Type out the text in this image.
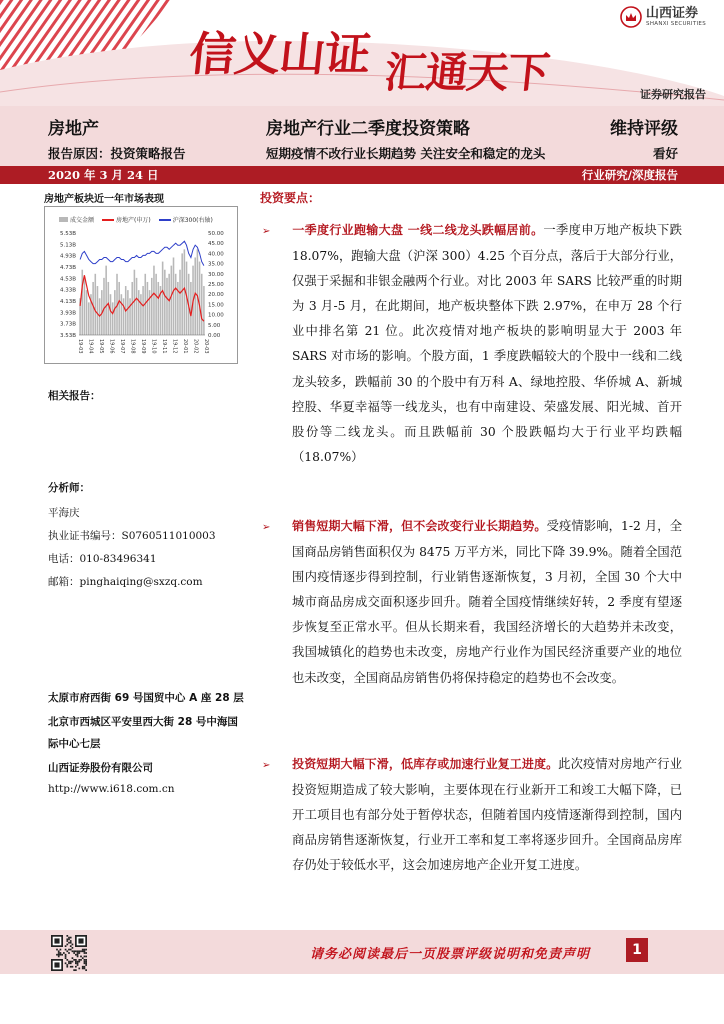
信义山证 汇通天下
山西证券
SHANXI SECURITIES
证券研究报告
房地产	房地产行业二季度投资策略	维持评级
报告原因：投资策略报告	短期疫情不改行业长期趋势 关注安全和稳定的龙头	看好
2020 年 3 月 24 日	行业研究/深度报告
房地产板块近一年市场表现
5.53B
5.13B
4.93B
4.73B
4.53B
4.33B
4.13B
3.93B
3.73B
3.53B
50.00
45.00
40.00
35.00
30.00
25.00
20.00
15.00
10.00
5.00
0.00
19-03 19-04 19-05 19-06 19-07 19-08 19-09 19-10 19-11 19-12 20-01 20-02 20-03
成交金额	房地产(申万)	沪深300(右轴)
相关报告：
分析师：
平海庆
执业证书编号：S0760511010003
电话：010-83496341
邮箱：pinghaiqing@sxzq.com
太原市府西街 69 号国贸中心 A 座 28 层
北京市西城区平安里西大街 28 号中海国
际中心七层
山西证券股份有限公司
http://www.i618.com.cn
投资要点：
➢ 一季度行业跑输大盘 一线二线龙头跌幅居前。一季度申万地产板块下跌 18.07%，跑输大盘（沪深 300）4.25 个百分点，落后于大部分行业，仅强于采掘和非银金融两个行业。对比 2003 年 SARS 比较严重的时期为 3 月-5 月，在此期间，地产板块整体下跌 2.97%，在申万 28 个行业中排名第 21 位。此次疫情对地产板块的影响明显大于 2003 年 SARS 对市场的影响。个股方面，1 季度跌幅较大的个股中一线和二线龙头较多，跌幅前 30 的个股中有万科 A、绿地控股、华侨城 A、新城控股、华夏幸福等一线龙头，也有中南建设、荣盛发展、阳光城、首开股份等二线龙头。而且跌幅前 30 个股跌幅均大于行业平均跌幅（18.07%）
➢ 销售短期大幅下滑，但不会改变行业长期趋势。受疫情影响，1-2 月，全国商品房销售面积仅为 8475 万平方米，同比下降 39.9%。随着全国范围内疫情逐步得到控制，行业销售逐渐恢复，3 月初，全国 30 个大中城市商品房成交面积逐步回升。随着全国疫情继续好转，2 季度有望逐步恢复至正常水平。但从长期来看，我国经济增长的大趋势并未改变，我国城镇化的趋势也未改变，房地产行业作为国民经济重要产业的地位也未改变，全国商品房销售仍将保持稳定的趋势也不会改变。
➢ 投资短期大幅下滑，低库存或加速行业复工进度。此次疫情对房地产行业投资短期造成了较大影响，主要体现在行业新开工和竣工大幅下降，已开工项目也有部分处于暂停状态，但随着国内疫情逐渐得到控制，国内商品房销售逐渐恢复，行业开工率和复工率将逐步回升。全国商品房库存仍处于较低水平，这会加速房地产企业开复工进度。
请务必阅读最后一页股票评级说明和免责声明	1
